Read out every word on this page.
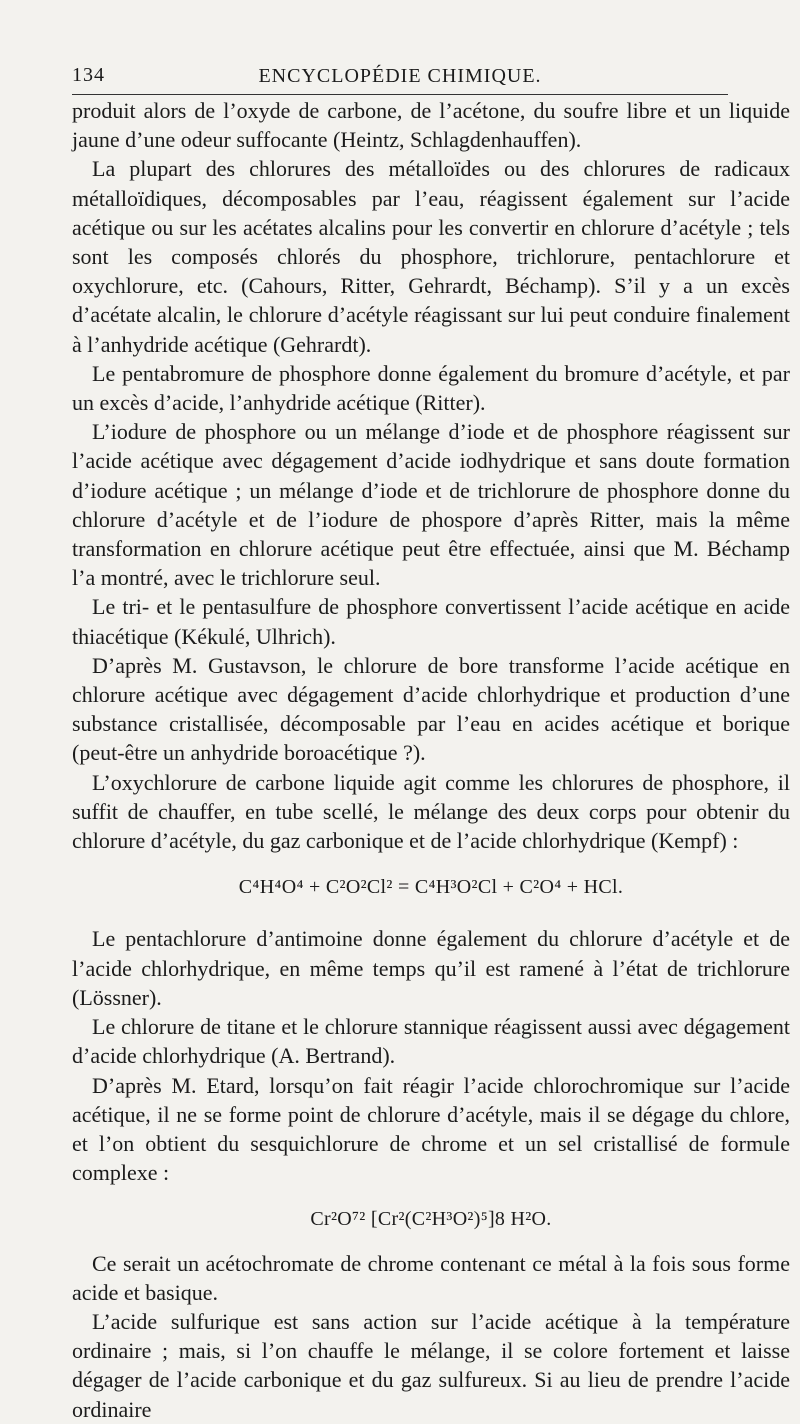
134	ENCYCLOPÉDIE CHIMIQUE.

produit alors de l’oxyde de carbone, de l’acétone, du soufre libre et un liquide jaune d’une odeur suffocante (Heintz, Schlagdenhauffen).

La plupart des chlorures des métalloïdes ou des chlorures de radicaux métalloïdiques, décomposables par l’eau, réagissent également sur l’acide acétique ou sur les acétates alcalins pour les convertir en chlorure d’acétyle ; tels sont les composés chlorés du phosphore, trichlorure, pentachlorure et oxychlorure, etc. (Cahours, Ritter, Gehrardt, Béchamp). S’il y a un excès d’acétate alcalin, le chlorure d’acétyle réagissant sur lui peut conduire finalement à l’anhydride acétique (Gehrardt).

Le pentabromure de phosphore donne également du bromure d’acétyle, et par un excès d’acide, l’anhydride acétique (Ritter).

L’iodure de phosphore ou un mélange d’iode et de phosphore réagissent sur l’acide acétique avec dégagement d’acide iodhydrique et sans doute formation d’iodure acétique ; un mélange d’iode et de trichlorure de phosphore donne du chlorure d’acétyle et de l’iodure de phospore d’après Ritter, mais la même transformation en chlorure acétique peut être effectuée, ainsi que M. Béchamp l’a montré, avec le trichlorure seul.

Le tri- et le pentasulfure de phosphore convertissent l’acide acétique en acide thiacétique (Kékulé, Ulhrich).

D’après M. Gustavson, le chlorure de bore transforme l’acide acétique en chlorure acétique avec dégagement d’acide chlorhydrique et production d’une substance cristallisée, décomposable par l’eau en acides acétique et borique (peut-être un anhydride boroacétique ?).

L’oxychlorure de carbone liquide agit comme les chlorures de phosphore, il suffit de chauffer, en tube scellé, le mélange des deux corps pour obtenir du chlorure d’acétyle, du gaz carbonique et de l’acide chlorhydrique (Kempf) :

C⁴H⁴O⁴ + C²O²Cl² = C⁴H³O²Cl + C²O⁴ + HCl.

Le pentachlorure d’antimoine donne également du chlorure d’acétyle et de l’acide chlorhydrique, en même temps qu’il est ramené à l’état de trichlorure (Lössner).

Le chlorure de titane et le chlorure stannique réagissent aussi avec dégagement d’acide chlorhydrique (A. Bertrand).

D’après M. Etard, lorsqu’on fait réagir l’acide chlorochromique sur l’acide acétique, il ne se forme point de chlorure d’acétyle, mais il se dégage du chlore, et l’on obtient du sesquichlorure de chrome et un sel cristallisé de formule complexe :

Cr²O⁷² [Cr²(C²H³O²)⁵]8 H²O.

Ce serait un acétochromate de chrome contenant ce métal à la fois sous forme acide et basique.

L’acide sulfurique est sans action sur l’acide acétique à la température ordinaire ; mais, si l’on chauffe le mélange, il se colore fortement et laisse dégager de l’acide carbonique et du gaz sulfureux. Si au lieu de prendre l’acide ordinaire
